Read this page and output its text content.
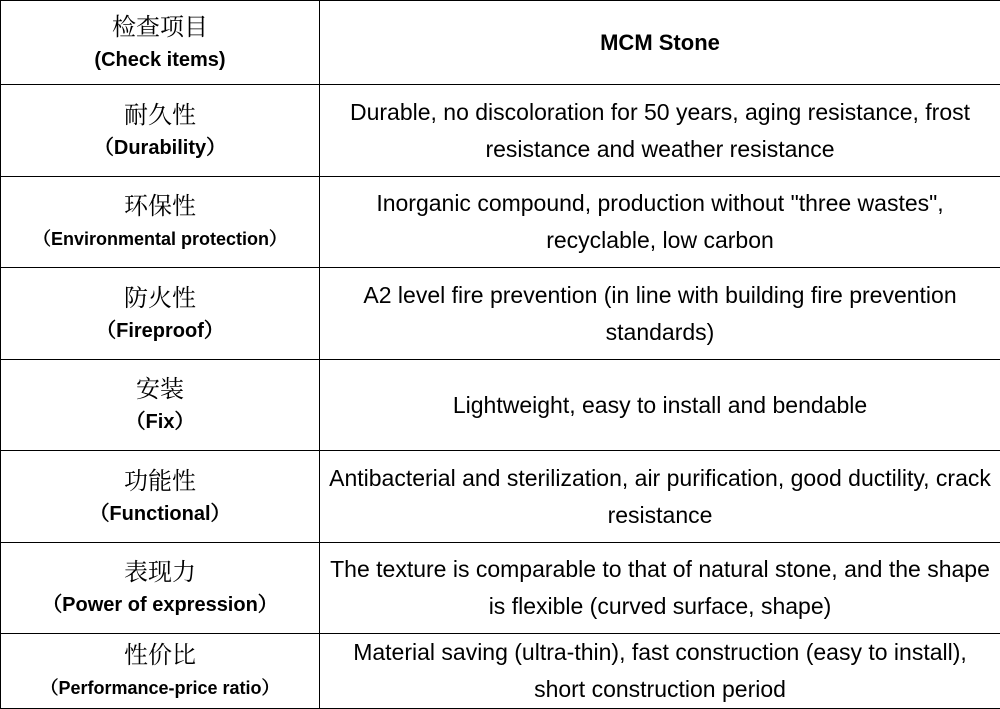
检查项目
(Check items)	MCM Stone

耐久性
（Durability）	Durable, no discoloration for 50 years, aging resistance, frost resistance and weather resistance

环保性
（Environmental protection）	Inorganic compound, production without "three wastes", recyclable, low carbon

防火性
（Fireproof）	A2 level fire prevention (in line with building fire prevention standards)

安装
（Fix）	Lightweight, easy to install and bendable

功能性
（Functional）	Antibacterial and sterilization, air purification, good ductility, crack resistance

表现力
（Power of expression）	The texture is comparable to that of natural stone, and the shape is flexible (curved surface, shape)

性价比
（Performance-price ratio）	Material saving (ultra-thin), fast construction (easy to install), short construction period
